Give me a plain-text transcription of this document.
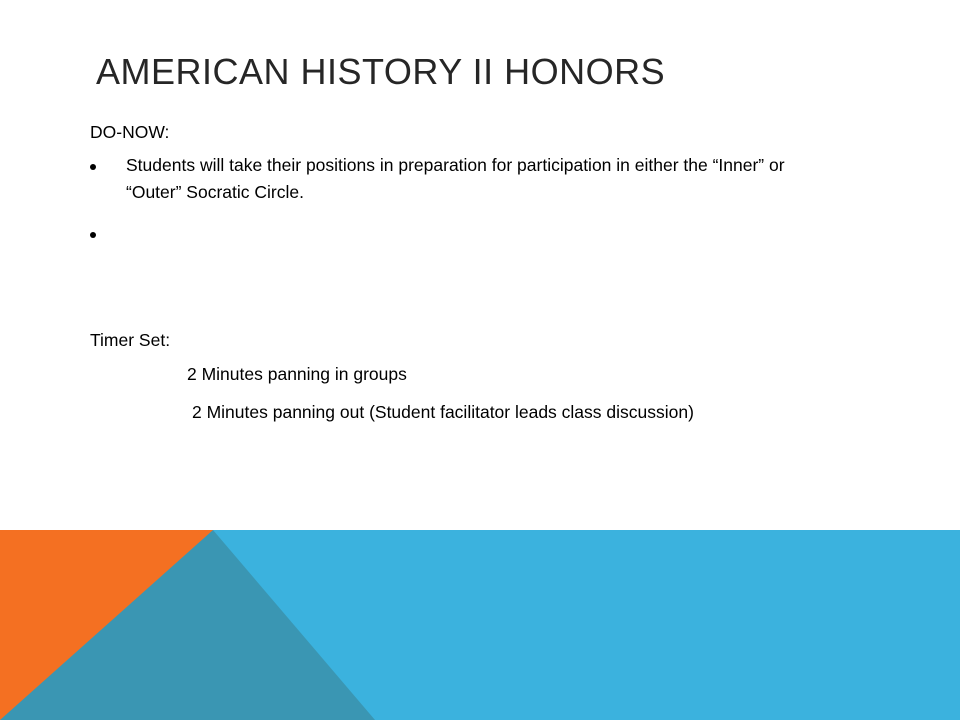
AMERICAN HISTORY II HONORS
DO-NOW:
Students will take their positions in preparation for participation in either the “Inner” or “Outer” Socratic Circle.
Timer Set:
2 Minutes panning in groups
2 Minutes panning out (Student facilitator leads class discussion)
